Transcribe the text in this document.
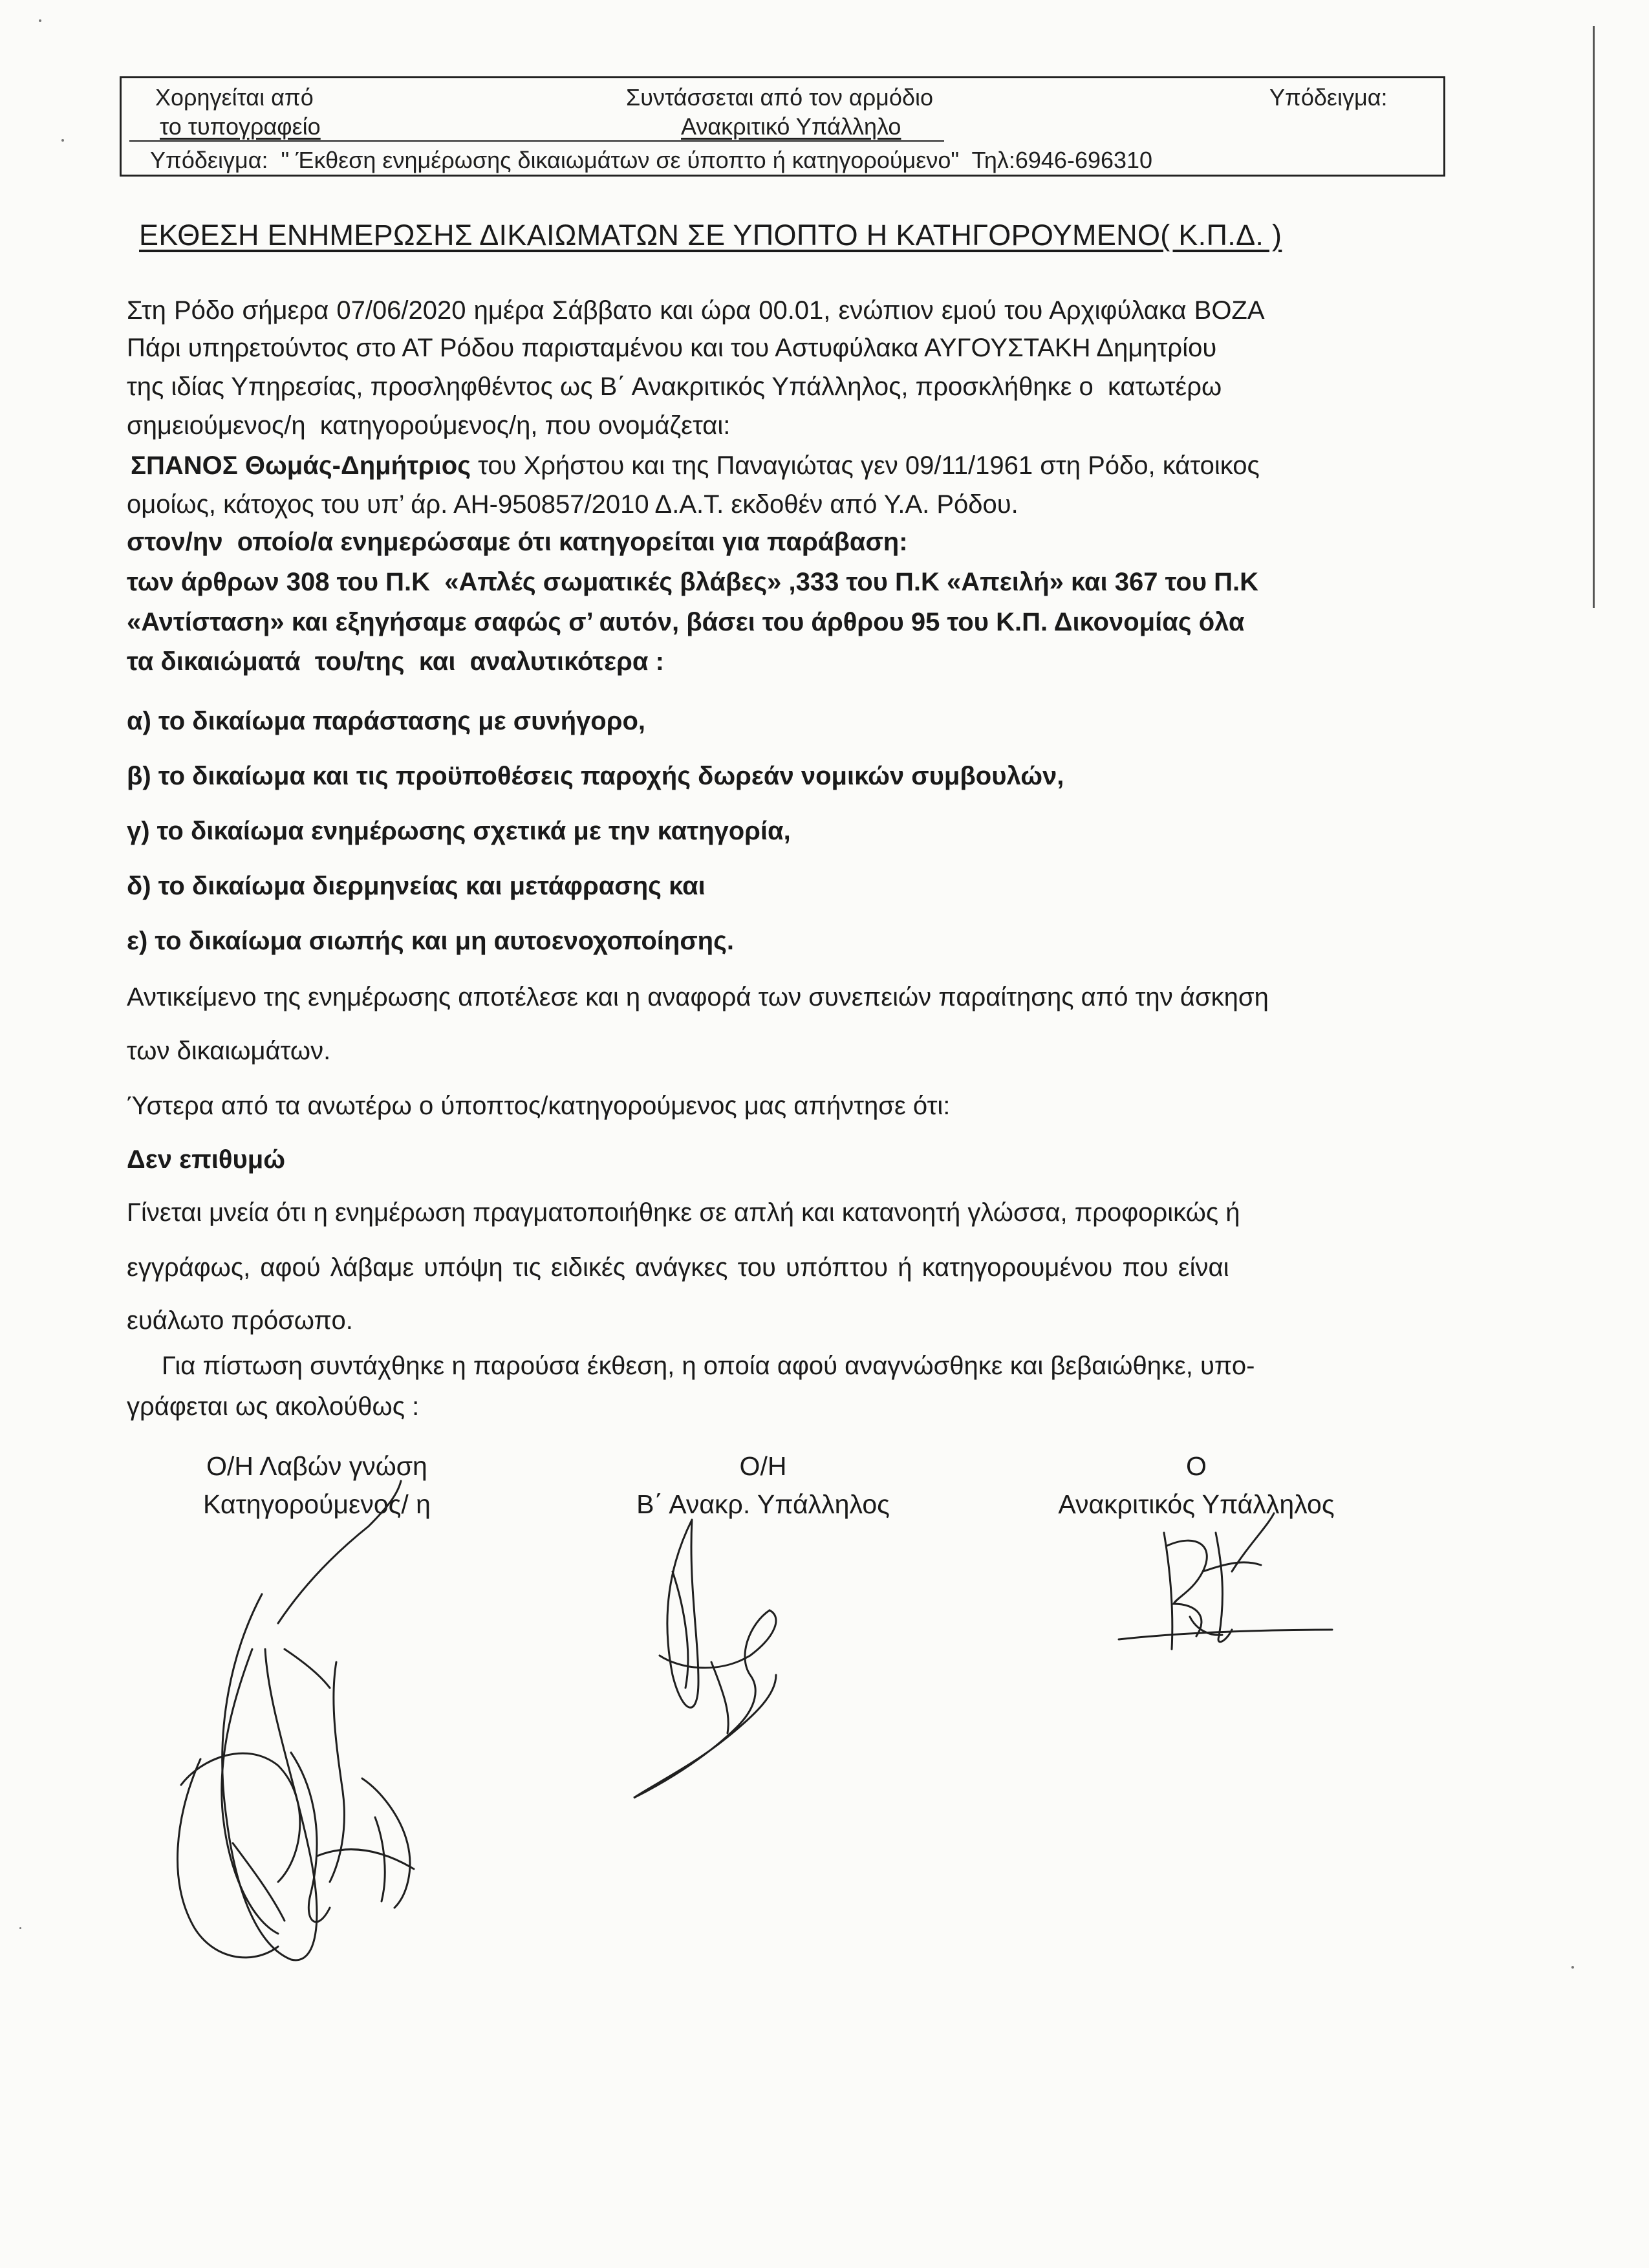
Χορηγείται από
το τυπογραφείο
Συντάσσεται από τον αρμόδιο
Ανακριτικό Υπάλληλο
Υπόδειγμα:
Υπόδειγμα:  " Έκθεση ενημέρωσης δικαιωμάτων σε ύποπτο ή κατηγορούμενο"  Τηλ:6946-696310
ΕΚΘΕΣΗ ΕΝΗΜΕΡΩΣΗΣ ΔΙΚΑΙΩΜΑΤΩΝ ΣΕ ΥΠΟΠΤΟ Η ΚΑΤΗΓΟΡΟΥΜΕΝΟ( Κ.Π.Δ. )
Στη Ρόδο σήμερα 07/06/2020 ημέρα Σάββατο και ώρα 00.01, ενώπιον εμού του Αρχιφύλακα ΒΟΖΑ
Πάρι υπηρετούντος στο ΑΤ Ρόδου παρισταμένου και του Αστυφύλακα ΑΥΓΟΥΣΤΑΚΗ Δημητρίου
της ιδίας Υπηρεσίας, προσληφθέντος ως Β΄ Ανακριτικός Υπάλληλος, προσκλήθηκε ο  κατωτέρω
σημειούμενος/η  κατηγορούμενος/η, που ονομάζεται:
ΣΠΑΝΟΣ Θωμάς-Δημήτριος του Χρήστου και της Παναγιώτας γεν 09/11/1961 στη Ρόδο, κάτοικος
ομοίως, κάτοχος του υπ’ άρ. ΑΗ-950857/2010 Δ.Α.Τ. εκδοθέν από Υ.Α. Ρόδου.
στον/ην  οποίο/α ενημερώσαμε ότι κατηγορείται για παράβαση:
των άρθρων 308 του Π.Κ  «Απλές σωματικές βλάβες» ,333 του Π.Κ «Απειλή» και 367 του Π.Κ
«Αντίσταση» και εξηγήσαμε σαφώς σ’ αυτόν, βάσει του άρθρου 95 του Κ.Π. Δικονομίας όλα
τα δικαιώματά  του/της  και  αναλυτικότερα :
α) το δικαίωμα παράστασης με συνήγορο,
β) το δικαίωμα και τις προϋποθέσεις παροχής δωρεάν νομικών συμβουλών,
γ) το δικαίωμα ενημέρωσης σχετικά με την κατηγορία,
δ) το δικαίωμα διερμηνείας και μετάφρασης και
ε) το δικαίωμα σιωπής και μη αυτοενοχοποίησης.
Αντικείμενο της ενημέρωσης αποτέλεσε και η αναφορά των συνεπειών παραίτησης από την άσκηση
των δικαιωμάτων.
Ύστερα από τα ανωτέρω ο ύποπτος/κατηγορούμενος μας απήντησε ότι:
Δεν επιθυμώ
Γίνεται μνεία ότι η ενημέρωση πραγματοποιήθηκε σε απλή και κατανοητή γλώσσα, προφορικώς ή
εγγράφως, αφού λάβαμε υπόψη τις ειδικές ανάγκες του υπόπτου ή κατηγορουμένου που είναι
ευάλωτο πρόσωπο.
Για πίστωση συντάχθηκε η παρούσα έκθεση, η οποία αφού αναγνώσθηκε και βεβαιώθηκε, υπο-
γράφεται ως ακολούθως :
Ο/Η Λαβών γνώση
Κατηγορούμενος/ η
Ο/Η
Β΄ Ανακρ. Υπάλληλος
Ο
Ανακριτικός Υπάλληλος
